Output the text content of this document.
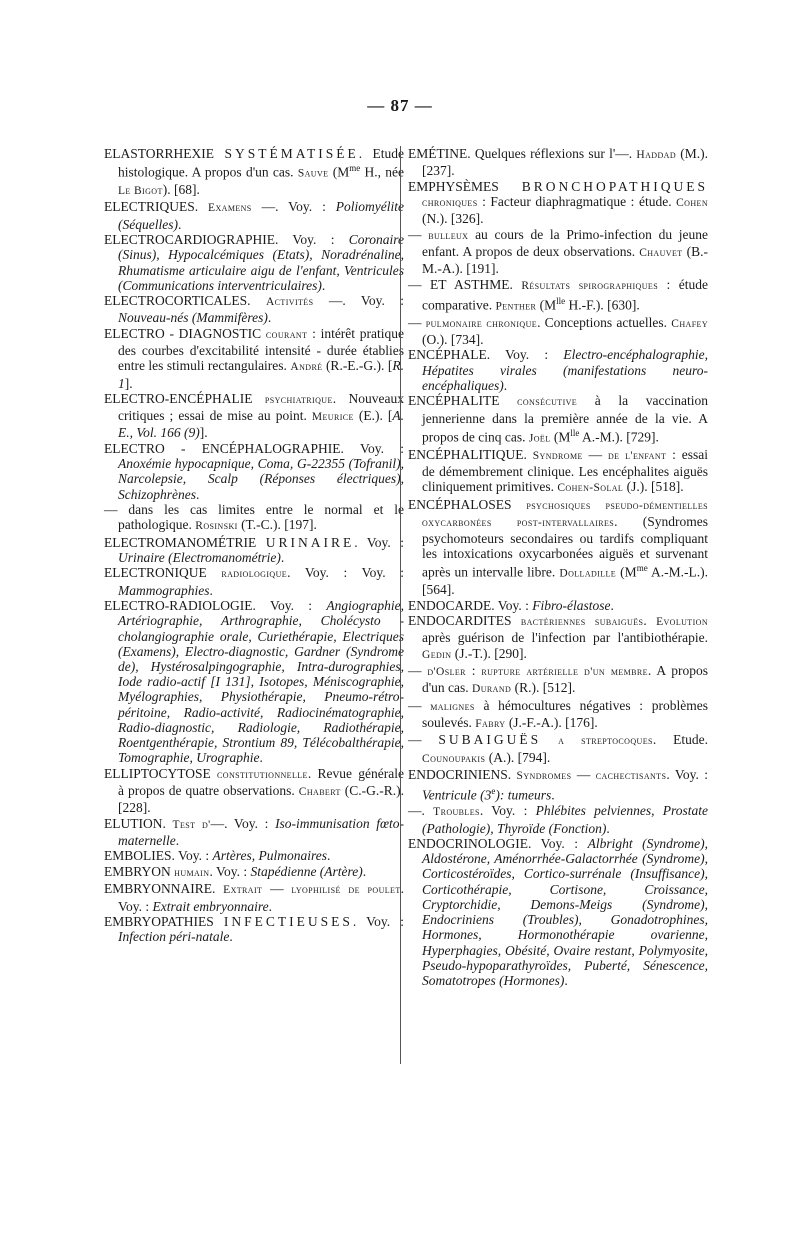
— 87 —

ELASTORRHEXIE SYSTÉMATISÉE. Etude histologique. A propos d'un cas. Sauve ($M^{me}$ H., née Le Bigot). [68].

ELECTRIQUES. Examens —. Voy. : Poliomyélite (Séquelles).

ELECTROCARDIOGRAPHIE. Voy. : Coronaire (Sinus), Hypocalcémiques (Etats), Noradrénaline, Rhumatisme articulaire aigu de l'enfant, Ventricules (Communications interventriculaires).

ELECTROCORTICALES. Activités —. Voy. : Nouveau-nés (Mammifères).

ELECTRO - DIAGNOSTIC courant : intérêt pratique des courbes d'excitabilité intensité - durée établies entre les stimuli rectangulaires. André (R.-E.-G.). [R. 1].

ELECTRO-ENCÉPHALIE psychiatrique. Nouveaux critiques ; essai de mise au point. Meurice (E.). [A. E., Vol. 166 (9)].

ELECTRO - ENCÉPHALOGRAPHIE. Voy. : Anoxémie hypocapnique, Coma, G-22355 (Tofranil), Narcolepsie, Scalp (Réponses électriques), Schizophrènes.

— dans les cas limites entre le normal et le pathologique. Rosinski (T.-C.). [197].

ELECTROMANOMÉTRIE URINAIRE. Voy. : Urinaire (Electromanométrie).

ELECTRONIQUE radiologique. Voy. : Voy. : Mammographies.

ELECTRO-RADIOLOGIE. Voy. : Angiographie, Artériographie, Arthrographie, Cholécysto - cholangiographie orale, Curiethérapie, Electriques (Examens), Electro-diagnostic, Gardner (Syndrome de), Hystérosalpingographie, Intra-durographies, Iode radio-actif [I 131], Isotopes, Méniscographie, Myélographies, Physiothérapie, Pneumo-rétro-péritoine, Radio-activité, Radiocinématographie, Radio-diagnostic, Radiologie, Radiothérapie, Roentgenthérapie, Strontium 89, Télécobalthérapie, Tomographie, Urographie.

ELLIPTOCYTOSE constitutionnelle. Revue générale à propos de quatre observations. Chabert (C.-G.-R.). [228].

ELUTION. Test d'—. Voy. : Iso-immunisation fœto-maternelle.

EMBOLIES. Voy. : Artères, Pulmonaires.

EMBRYON humain. Voy. : Stapédienne (Artère).

EMBRYONNAIRE. Extrait — lyophilisé de poulet. Voy. : Extrait embryonnaire.

EMBRYOPATHIES INFECTIEUSES. Voy. : Infection péri-natale.

EMÉTINE. Quelques réflexions sur l'—. Haddad (M.). [237].

EMPHYSÈMES BRONCHOPATHIQUES chroniques : Facteur diaphragmatique : étude. Cohen (N.). [326].

— bulleux au cours de la Primo-infection du jeune enfant. A propos de deux observations. Chauvet (B.-M.-A.). [191].

— ET ASTHME. Résultats spirographiques : étude comparative. Penther ($M^{lle}$ H.-F.). [630].

— pulmonaire chronique. Conceptions actuelles. Chafey (O.). [734].

ENCÉPHALE. Voy. : Electro-encéphalographie, Hépatites virales (manifestations neuro-encéphaliques).

ENCÉPHALITE consécutive à la vaccination jennerienne dans la première année de la vie. A propos de cinq cas. Joël ($M^{lle}$ A.-M.). [729].

ENCÉPHALITIQUE. Syndrome — de l'enfant : essai de démembrement clinique. Les encéphalites aiguës cliniquement primitives. Cohen-Solal (J.). [518].

ENCÉPHALOSES psychosiques pseudo-démentielles oxycarbonées post-intervallaires. (Syndromes psychomoteurs secondaires ou tardifs compliquant les intoxications oxycarbonées aiguës et survenant après un intervalle libre. Dolladille ($M^{me}$ A.-M.-L.). [564].

ENDOCARDE. Voy. : Fibro-élastose.

ENDOCARDITES bactériennes subaiguës. Evolution après guérison de l'infection par l'antibiothérapie. Gedin (J.-T.). [290].

— d'Osler : rupture artérielle d'un membre. A propos d'un cas. Durand (R.). [512].

— malignes à hémocultures négatives : problèmes soulevés. Fabry (J.-F.-A.). [176].

— SUBAIGUËS a streptocoques. Etude. Counoupakis (A.). [794].

ENDOCRINIENS. Syndromes — cachectisants. Voy. : Ventricule (3e): tumeurs.

—. Troubles. Voy. : Phlébites pelviennes, Prostate (Pathologie), Thyroïde (Fonction).

ENDOCRINOLOGIE. Voy. : Albright (Syndrome), Aldostérone, Aménorrhée-Galactorrhée (Syndrome), Corticostéroïdes, Cortico-surrénale (Insuffisance), Corticothérapie, Cortisone, Croissance, Cryptorchidie, Demons-Meigs (Syndrome), Endocriniens (Troubles), Gonadotrophines, Hormones, Hormonothérapie ovarienne, Hyperphagies, Obésité, Ovaire restant, Polymyosite, Pseudo-hypoparathyroïdes, Puberté, Sénescence, Somatotropes (Hormones).
